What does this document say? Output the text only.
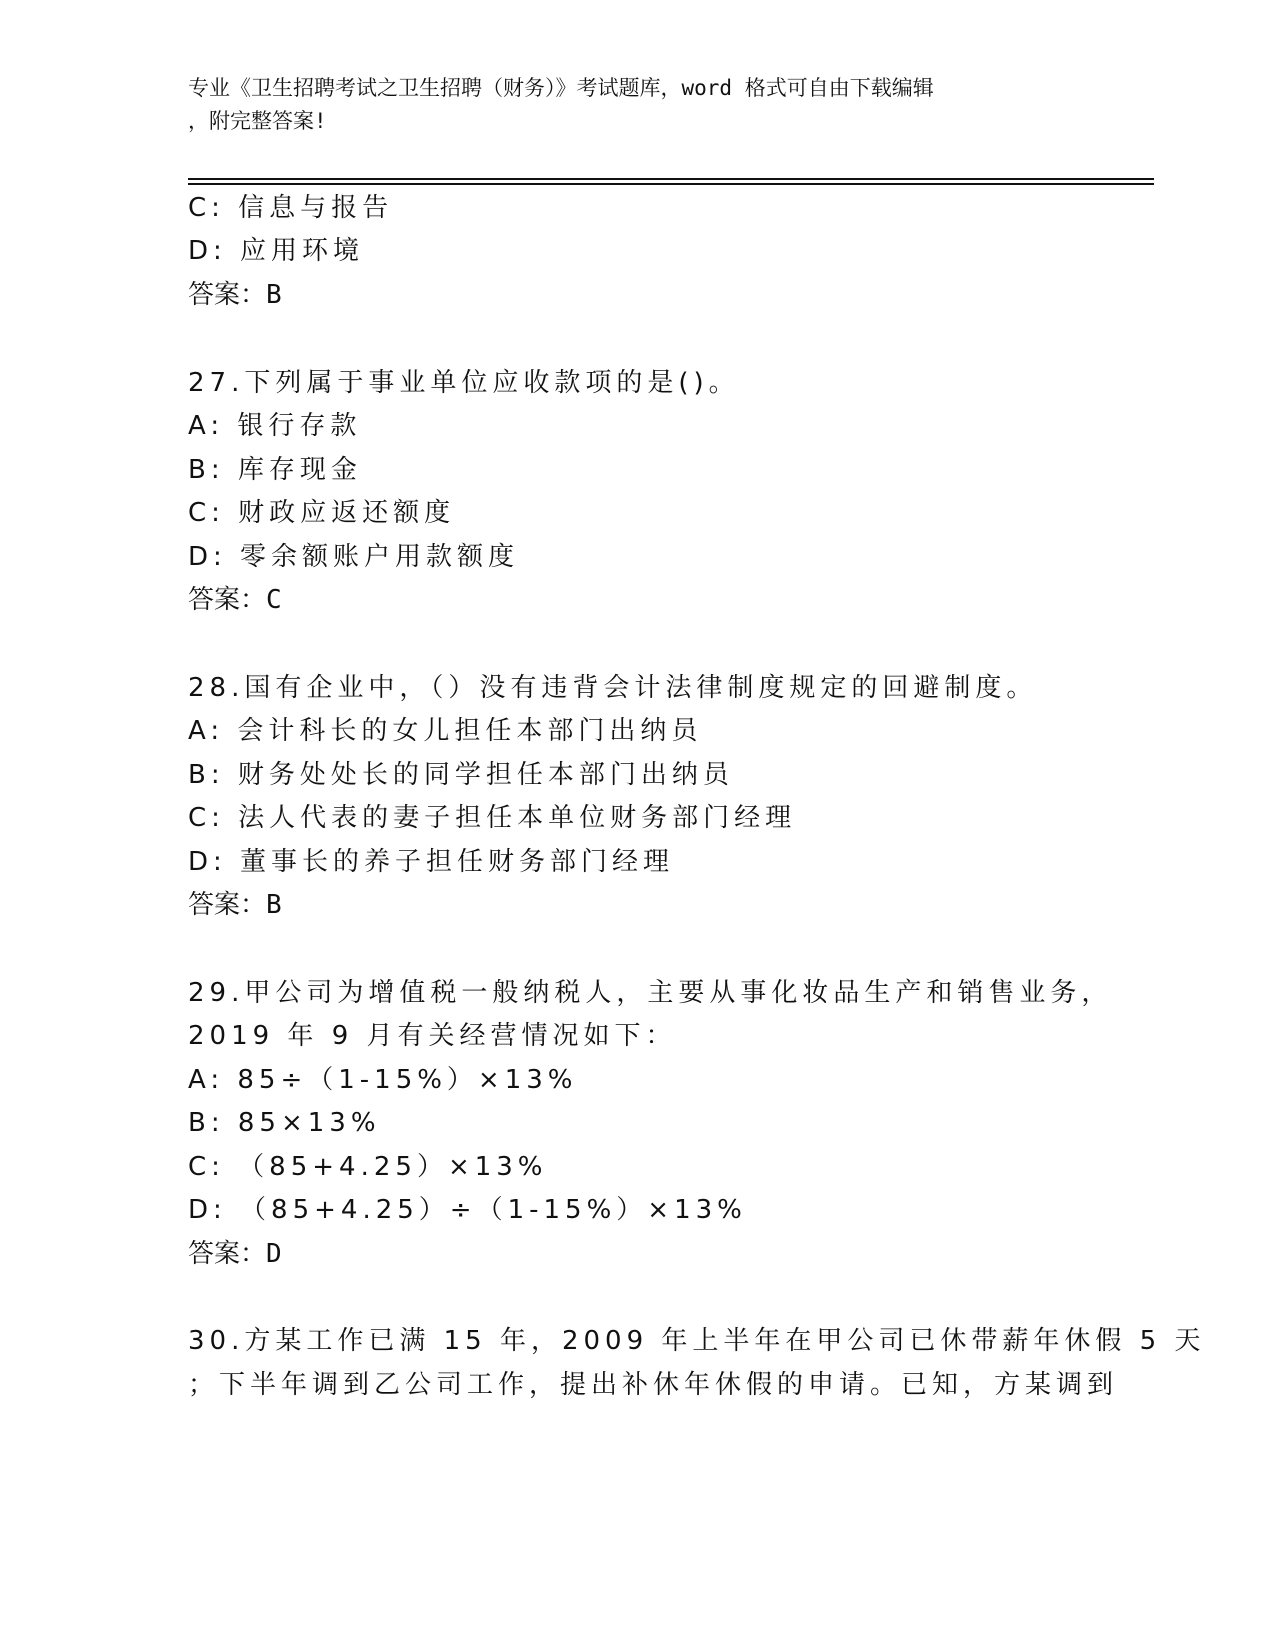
专业《卫生招聘考试之卫生招聘（财务）》考试题库，word 格式可自由下载编辑
，附完整答案!
C: 信息与报告
D: 应用环境
答案：B
27.下列属于事业单位应收款项的是()。
A: 银行存款
B: 库存现金
C: 财政应返还额度
D: 零余额账户用款额度
答案：C
28.国有企业中，（）没有违背会计法律制度规定的回避制度。
A: 会计科长的女儿担任本部门出纳员
B: 财务处处长的同学担任本部门出纳员
C: 法人代表的妻子担任本单位财务部门经理
D: 董事长的养子担任财务部门经理
答案：B
29.甲公司为增值税一般纳税人，主要从事化妆品生产和销售业务，
2019 年 9 月有关经营情况如下：
A: 85÷（1-15%）×13%
B: 85×13%
C: （85+4.25）×13%
D: （85+4.25）÷（1-15%）×13%
答案：D
30.方某工作已满 15 年，2009 年上半年在甲公司已休带薪年休假 5 天
；下半年调到乙公司工作，提出补休年休假的申请。已知，方某调到
